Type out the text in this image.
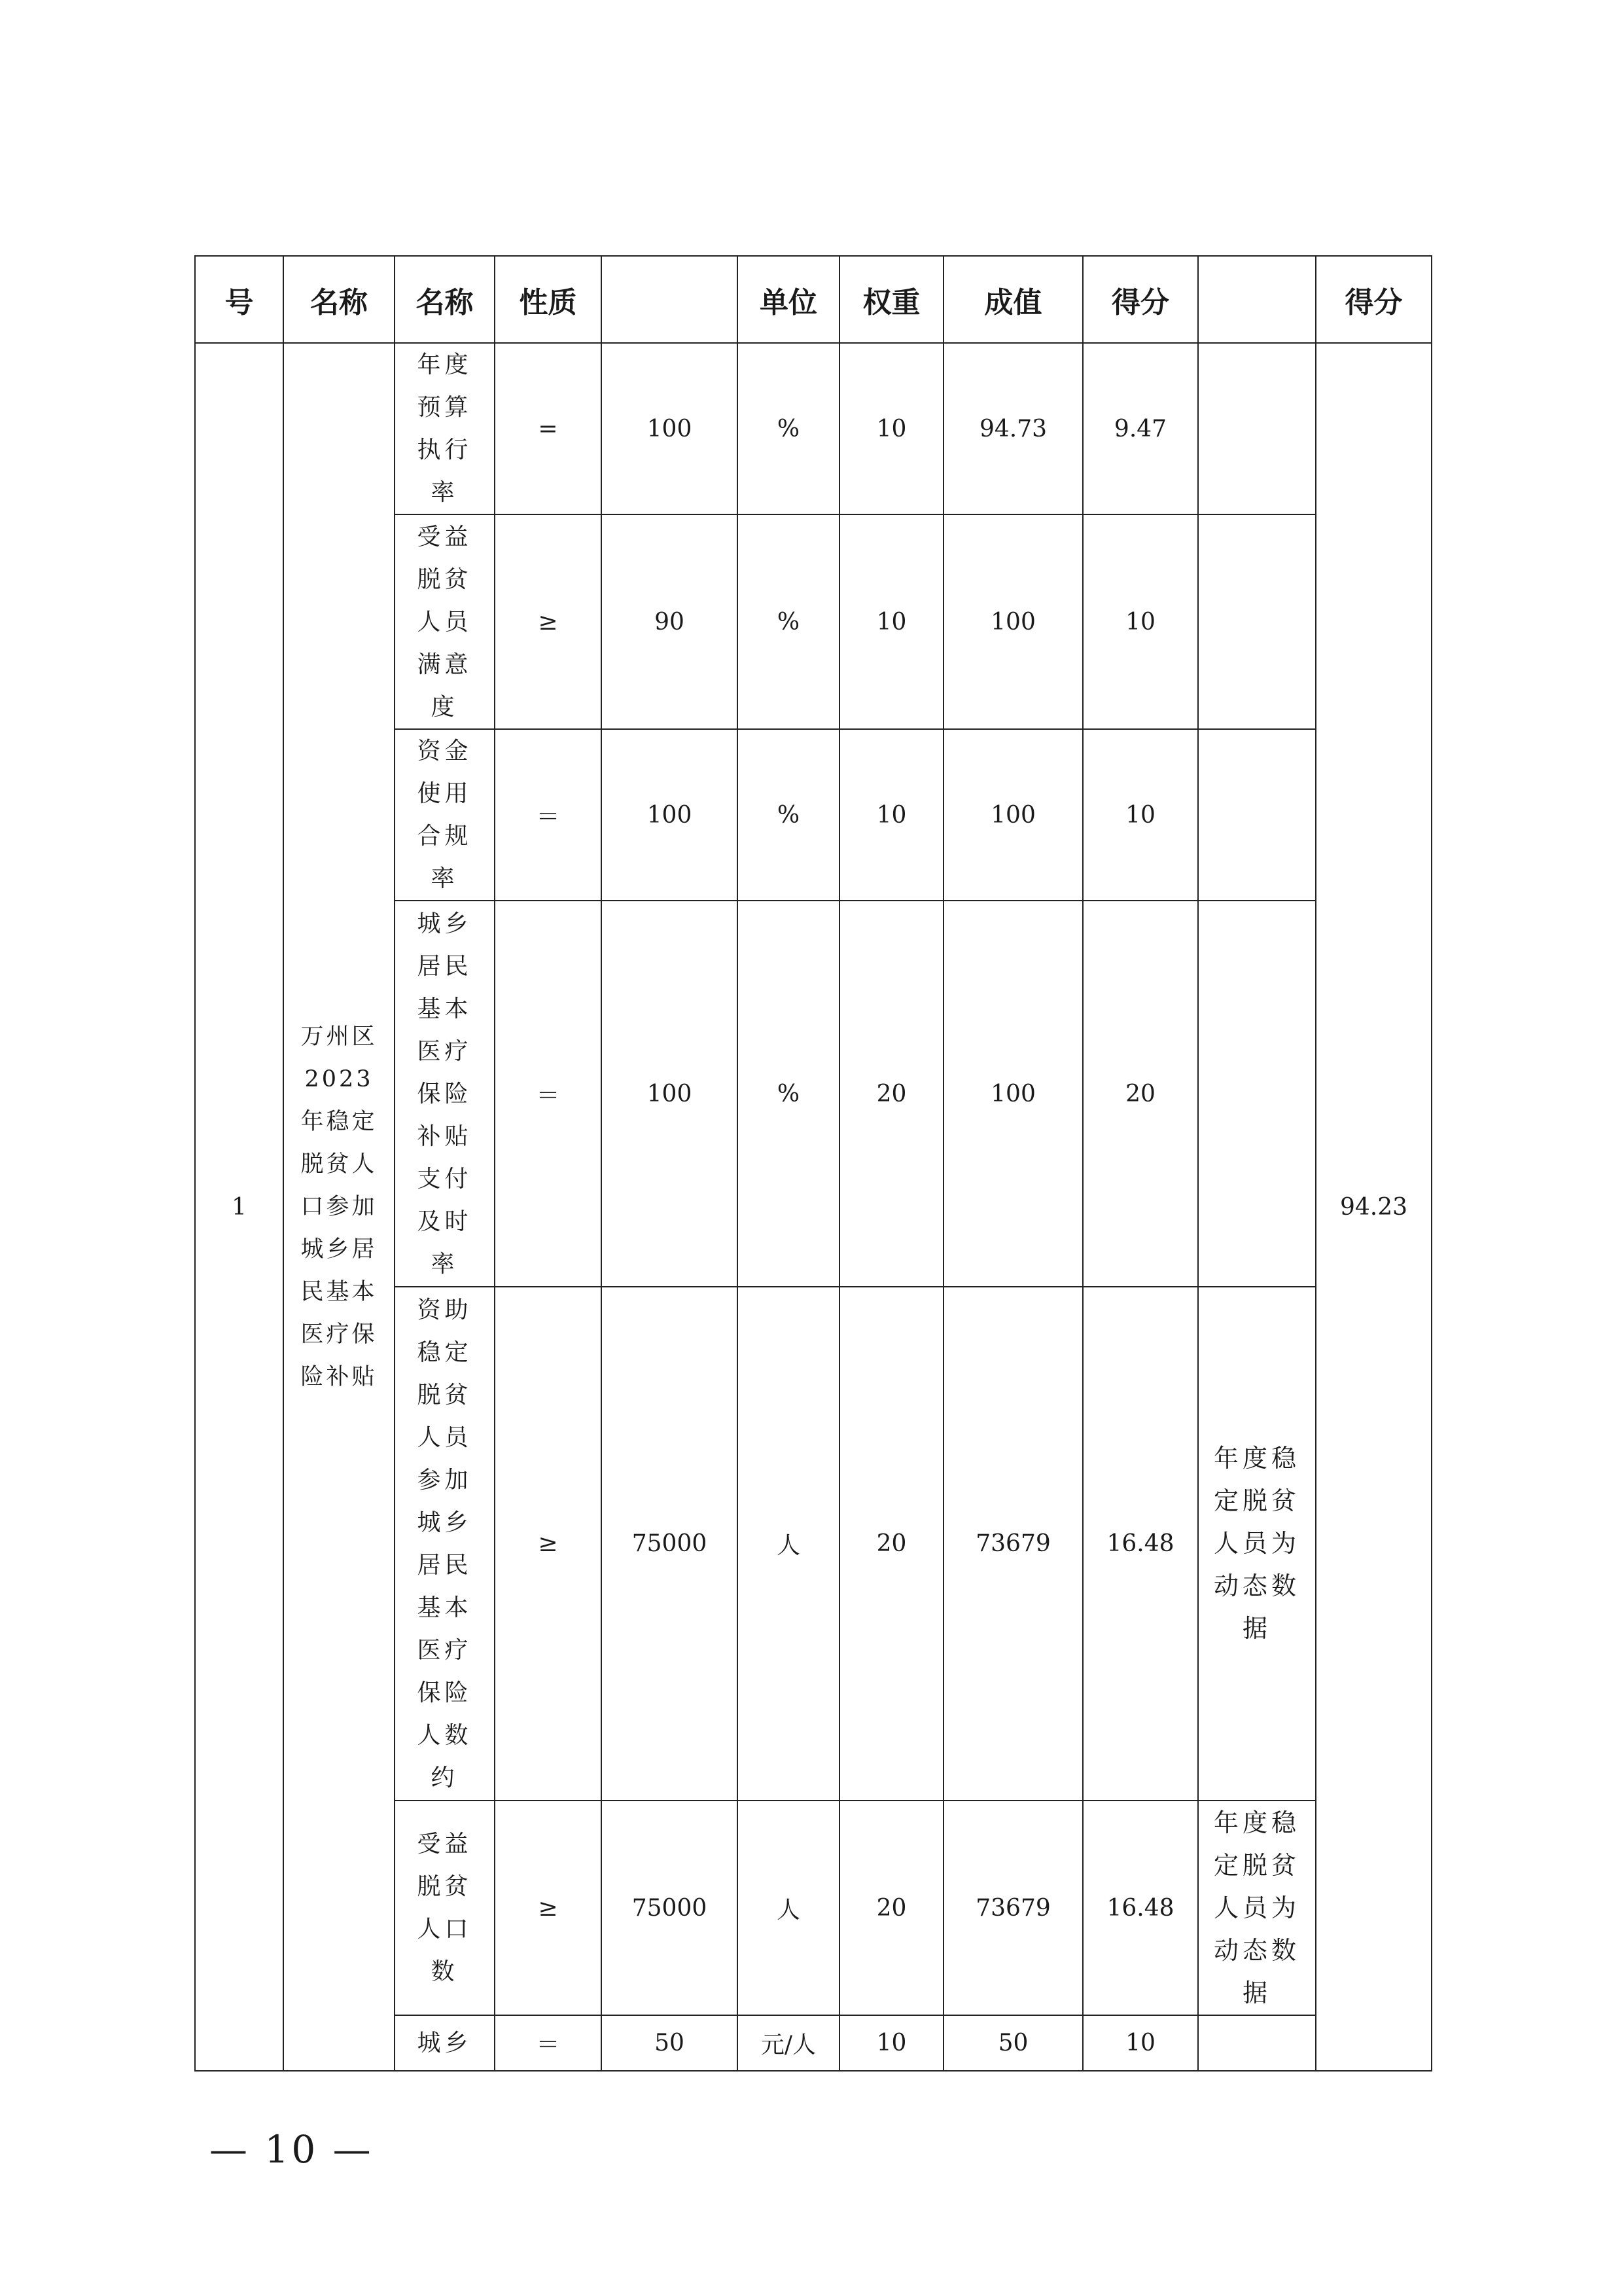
号	名称	名称	性质		单位	权重	成值	得分		得分
1	万州区2023年稳定脱贫人口参加城乡居民基本医疗保险补贴	年度预算执行率	=	100	%	10	94.73	9.47		94.23

		受益脱贫人员满意度	≥	90	%	10	100	10		

		资金使用合规率	＝	100	%	10	100	10		

		城乡居民基本医疗保险补贴支付及时率	＝	100	%	20	100	20		

		资助稳定脱贫人员参加城乡居民基本医疗保险人数约	≥	75000	人	20	73679	16.48	年度稳定脱贫人员为动态数据	

		受益脱贫人口数	≥	75000	人	20	73679	16.48	年度稳定脱贫人员为动态数据	

		城乡	＝	50	元/人	10	50	10		
— 10 —
